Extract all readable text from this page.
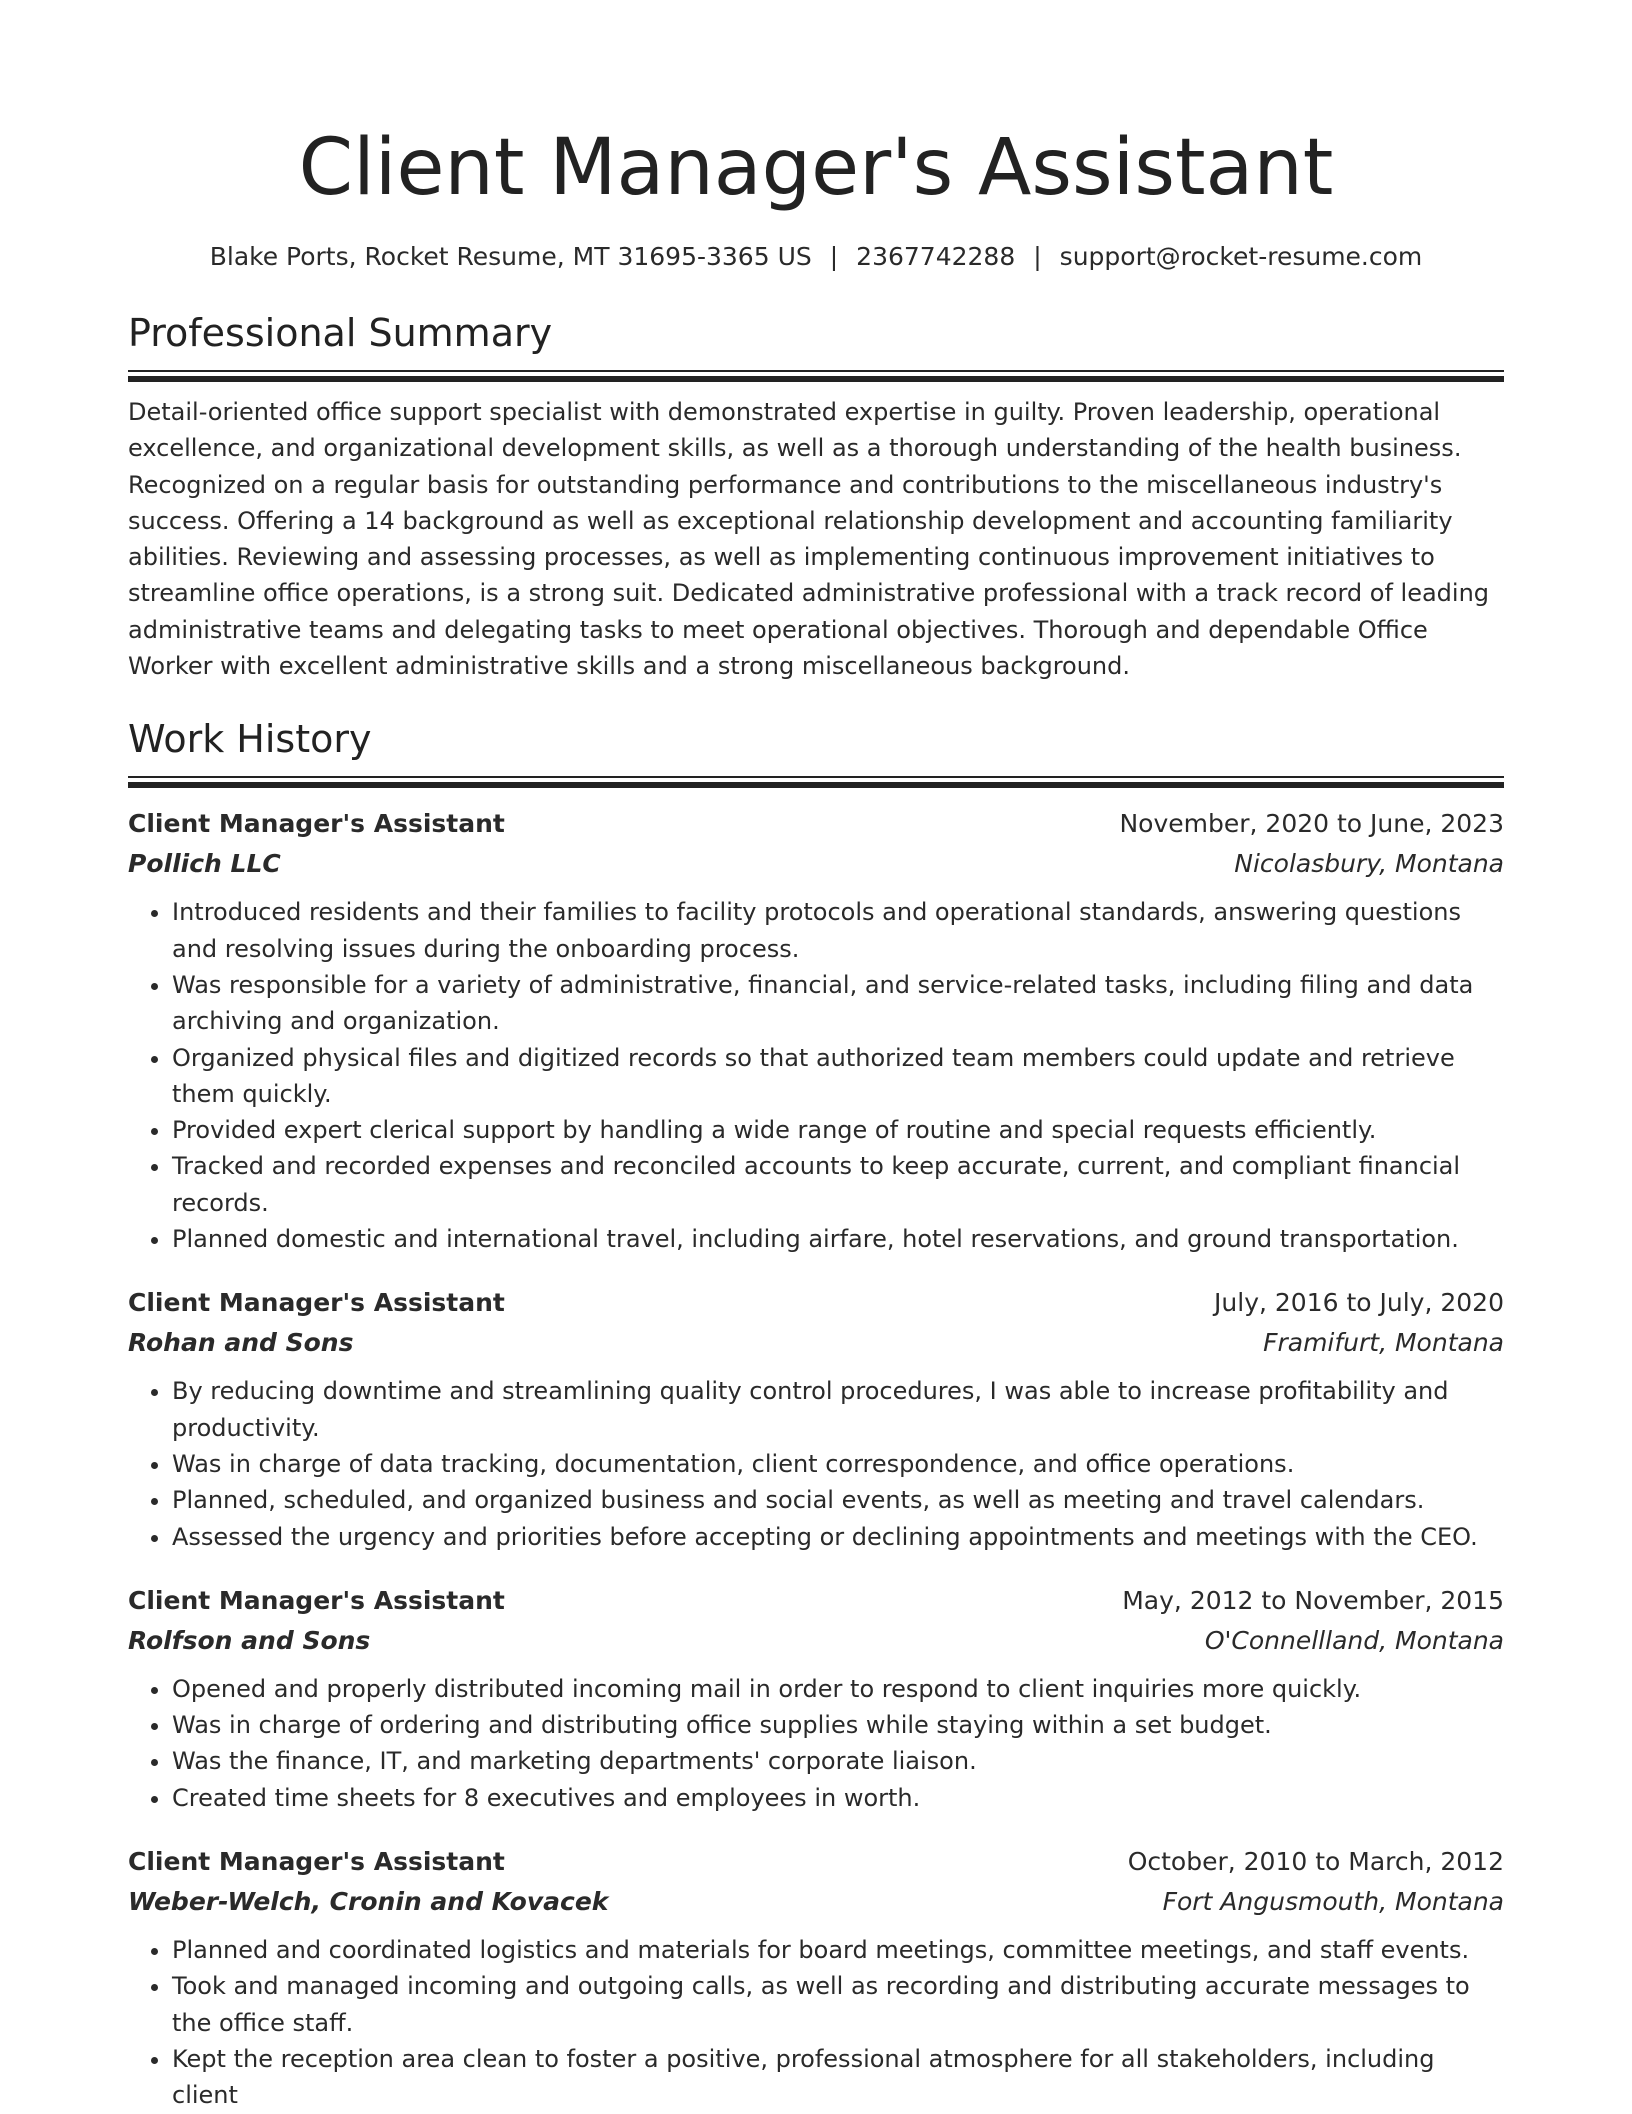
Client Manager's Assistant
Blake Ports, Rocket Resume, MT 31695-3365 US | 2367742288 | support@rocket-resume.com
Professional Summary

Detail-oriented office support specialist with demonstrated expertise in guilty. Proven leadership, operational excellence, and organizational development skills, as well as a thorough understanding of the health business. Recognized on a regular basis for outstanding performance and contributions to the miscellaneous industry's success. Offering a 14 background as well as exceptional relationship development and accounting familiarity abilities. Reviewing and assessing processes, as well as implementing continuous improvement initiatives to streamline office operations, is a strong suit. Dedicated administrative professional with a track record of leading administrative teams and delegating tasks to meet operational objectives. Thorough and dependable Office Worker with excellent administrative skills and a strong miscellaneous background.

Work History
Client Manager's Assistant	November, 2020 to June, 2023
Pollich LLC	Nicolasbury, Montana
• Introduced residents and their families to facility protocols and operational standards, answering questions and resolving issues during the onboarding process.
• Was responsible for a variety of administrative, financial, and service-related tasks, including filing and data archiving and organization.
• Organized physical files and digitized records so that authorized team members could update and retrieve them quickly.
• Provided expert clerical support by handling a wide range of routine and special requests efficiently.
• Tracked and recorded expenses and reconciled accounts to keep accurate, current, and compliant financial records.
• Planned domestic and international travel, including airfare, hotel reservations, and ground transportation.
Client Manager's Assistant	July, 2016 to July, 2020
Rohan and Sons	Framifurt, Montana
• By reducing downtime and streamlining quality control procedures, I was able to increase profitability and productivity.
• Was in charge of data tracking, documentation, client correspondence, and office operations.
• Planned, scheduled, and organized business and social events, as well as meeting and travel calendars.
• Assessed the urgency and priorities before accepting or declining appointments and meetings with the CEO.
Client Manager's Assistant	May, 2012 to November, 2015
Rolfson and Sons	O'Connellland, Montana
• Opened and properly distributed incoming mail in order to respond to client inquiries more quickly.
• Was in charge of ordering and distributing office supplies while staying within a set budget.
• Was the finance, IT, and marketing departments' corporate liaison.
• Created time sheets for 8 executives and employees in worth.
Client Manager's Assistant	October, 2010 to March, 2012
Weber-Welch, Cronin and Kovacek	Fort Angusmouth, Montana
• Planned and coordinated logistics and materials for board meetings, committee meetings, and staff events.
• Took and managed incoming and outgoing calls, as well as recording and distributing accurate messages to the office staff.
• Kept the reception area clean to foster a positive, professional atmosphere for all stakeholders, including client
